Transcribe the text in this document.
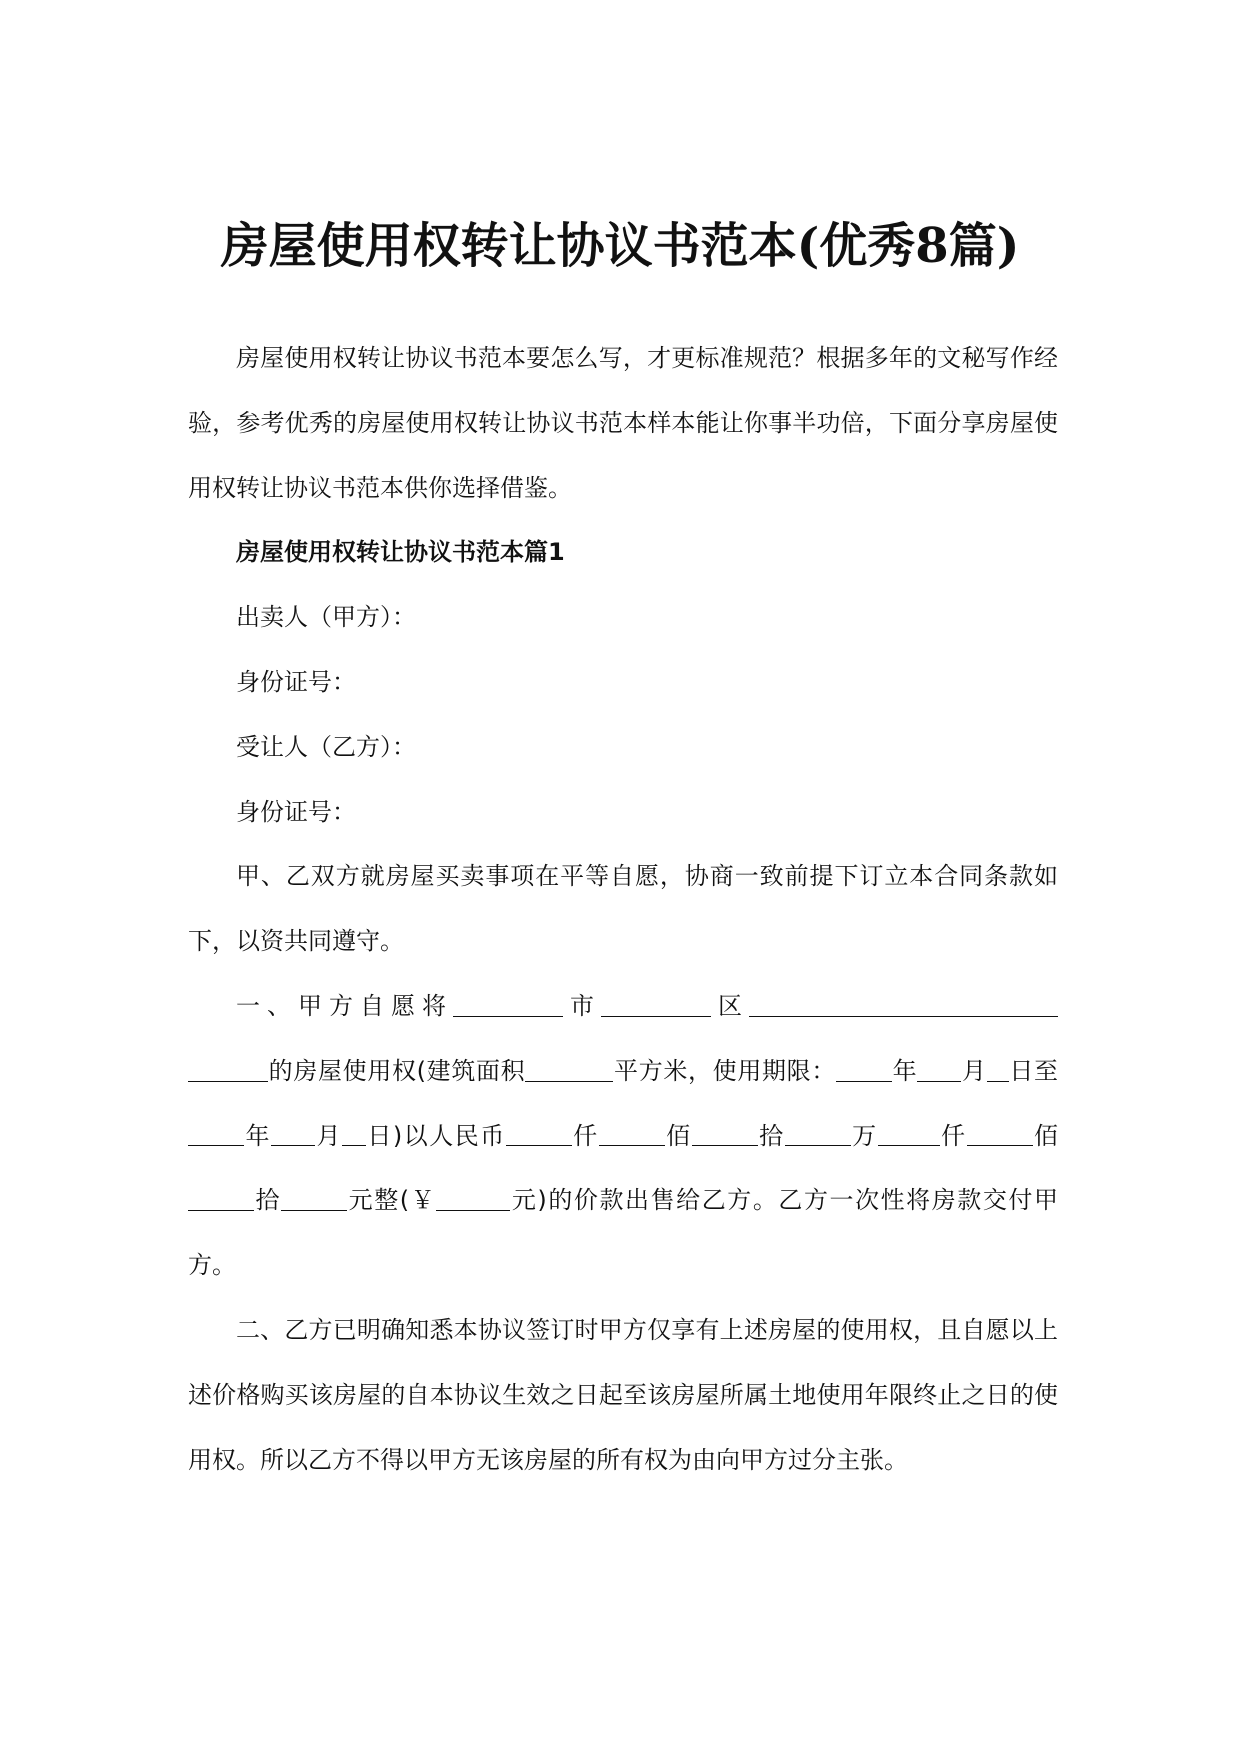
房屋使用权转让协议书范本(优秀8篇)

房屋使用权转让协议书范本要怎么写，才更标准规范？根据多年的文秘写作经验，参考优秀的房屋使用权转让协议书范本样本能让你事半功倍，下面分享房屋使用权转让协议书范本供你选择借鉴。

房屋使用权转让协议书范本篇1

出卖人（甲方）：

身份证号：

受让人（乙方）：

身份证号：

甲、乙双方就房屋买卖事项在平等自愿，协商一致前提下订立本合同条款如下，以资共同遵守。

一、甲方自愿将	市	区的房屋使用权(建筑面积	平方米，使用期限： 年 月 日至年 月 日)以人民币	仟	佰	拾	万	仟	佰拾	元整(￥	元)的价款出售给乙方。乙方一次性将房款交付甲方。

二、乙方已明确知悉本协议签订时甲方仅享有上述房屋的使用权，且自愿以上述价格购买该房屋的自本协议生效之日起至该房屋所属土地使用年限终止之日的使用权。所以乙方不得以甲方无该房屋的所有权为由向甲方过分主张。
